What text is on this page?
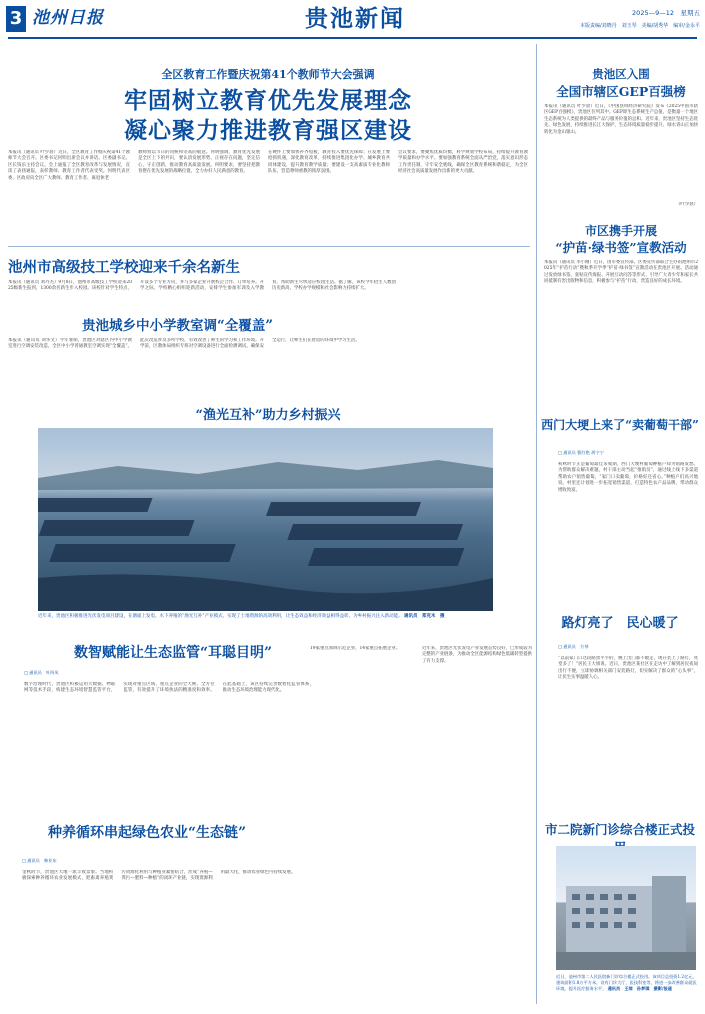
3 池州日报	贵池新闻	2025—9—12　星期五
本版责编/刘晓丹　刘玉琴　美编/胡秀华　编审/金永平
全区教育工作暨庆祝第41个教师节大会强调
牢固树立教育优先发展理念
凝心聚力推进教育强区建设
本报讯（通讯员 叶少晨）近日，全区教育工作暨庆祝第41个教师节大会召开。区委书记何明出席会议并讲话。区委副书记、区长钱乐主持会议。会上通报了全区教育改革与发展情况，宣读了表扬通报，表彰教师、教育工作者代表受奖。何明代表区委、区政府向全区广大教师、教育工作者、离退休老
教师致以节日的问候和崇高的敬意。何明强调，教育优先发展是全区上下的共识，要认清发展形势，正视存在问题，坚定信心，守正创新，推动教育高质量发展。何明要求，要坚持把教育摆在优先发展的战略位置，全力办好人民满意的教育。
在硬件上要加快补齐短板，教育投入要优先保障；在发展上要抢抓机遇，深化教育改革，持续推进集团化办学、城乡教育共同体建设，提升教育教学质量；要建设一支高素质专业化教师队伍，营造尊师重教的浓厚氛围。
会议要求，要聚焦优质均衡，科学规划学校布局，持续提升教育教学质量和办学水平。要加强教育系统全面从严治党，落实意识形态工作责任制，守牢安全底线，确保全区教育系统和谐稳定，为全区经济社会高质量发展作出新的更大贡献。
贵池区入围
全国市辖区GEP百强榜
本报讯（通讯员 叶少晨）近日，《中国县域经济研究院》发布《2025中国市辖区GEP百强榜》，贵池区位列其中。GEP即生态系统生产总值，是衡量一个地区生态系统为人类提供的最终产品与服务价值的总和。近年来，贵池区坚持生态优先、绿色发展，持续推进长江大保护，生态环境质量稳步提升，绿水青山正加快转化为金山银山。
（叶少晨）
池州市高级技工学校迎来千余名新生
本报讯（通讯员 刘丹杰）9月8日，池州市高级技工学校迎来2025级新生报到，1300余名新生步入校园。该校针对学生特点，开设多个专业方向，并与多家企业开展校企合作、订单培养。开学之际，学校精心组织迎新活动，安排学生参加军训及入学教育，帮助新生尽快适应校园生活。据了解，该校今年招生人数创历史新高，学校办学规模和社会影响力持续扩大。
贵池城乡中小学教室调“全覆盖”
本报讯（通讯员 刘华文）今年暑期，贵池区对辖区内中小学教室进行空调安装改造，全区中小学普通教室空调实现“全覆盖”。此次改造涉及多所学校，有效改善了师生的学习和工作环境。开学前，区教体局组织专班对空调设备进行全面检测调试，确保安全运行，让师生们在舒适的环境中学习生活。
“渔光互补”助力乡村振兴
近年来，贵池区积极推进光伏发电项目建设，在塘面上发电、水下养殖的“渔光互补”产业模式，实现了土地资源的高效利用，让生态效益和经济效益相得益彰，为乡村振兴注入新动能。 通讯员　郑克木　摄
数智赋能让生态监管“耳聪目明”
□ 通讯员　叶四凤
数字治理时代，贵池区积极运用大数据、物联网等技术手段，构建生态环境智慧监管平台，实现对重点区域、重点企业的全天候、全方位监管，有效提升了环境执法的精准度和效率。在此基础上，该区持续完善数智化监管体系，推动生态环境治理能力现代化。
19家重点领域示范企业、14家重点拓展企业。	近年来，贵池区光伏发电产业发展态势良好，已形成较为完整的产业链条，为推动全区能源结构绿色低碳转型提供了有力支撑。
种养循环串起绿色农业“生态链”
□ 通讯员　韩业东
金秋时节，贵池区大地一派丰收景象。当地积极探索种养循环农业发展模式，把畜禽养殖粪污资源化利用与种植业紧密结合，形成“养殖—粪污—肥料—种植”的闭环产业链，实现资源利用最大化，推动农业绿色可持续发展。
市区携手开展
“护苗·绿书签”宣教活动
本报讯（通讯员 李小刚）近日，由市委宣传部、区委宣传部联合主办的池州市2025年“护苗行动”暨秋季开学季“护苗·绿书签”宣教活动在贵池区开展。活动通过发放绿书签、张贴宣传海报、开展互动问答等形式，引导广大青少年和家长共同抵制有害出版物和信息，积极参与“护苗”行动，营造良好的成长环境。
西门大埂上来了“卖葡萄干部”
□ 通讯员 曹红艳 胡宁宁
初秋时节正是葡萄最佳采收期，西门大埂村葡萄种植户却为销路发愁。为帮助群众解决难题，村干部主动当起“推销员”，通过线上线下多渠道帮助农户销售葡萄。“家门口卖葡萄，价格好还省心。”种植户们高兴地说。村里还计划进一步拓宽销售渠道，打造特色农产品品牌，带动群众增收致富。
路灯亮了　民心暖了
□ 通讯员　方琴
“以前家门口这段路黑乎乎的，晚上出门都不敢走，现在装上了路灯，亮堂多了！”居民王大姐说。近日，贵池区某社区在走访中了解到居民夜间出行不便，立即协调相关部门安装路灯，切实解决了群众的“心头事”，让民生实事温暖人心。
市二院新门诊综合楼正式投
近日，池州市第二人民医院新门诊综合楼正式投用。该项目总投资1.2亿元，建筑面积1.8万平方米，设有门诊大厅、医技科室等，将进一步改善群众就医环境，提升医疗服务水平。 通讯员　王琼　孙梦琪　摄影/报道
